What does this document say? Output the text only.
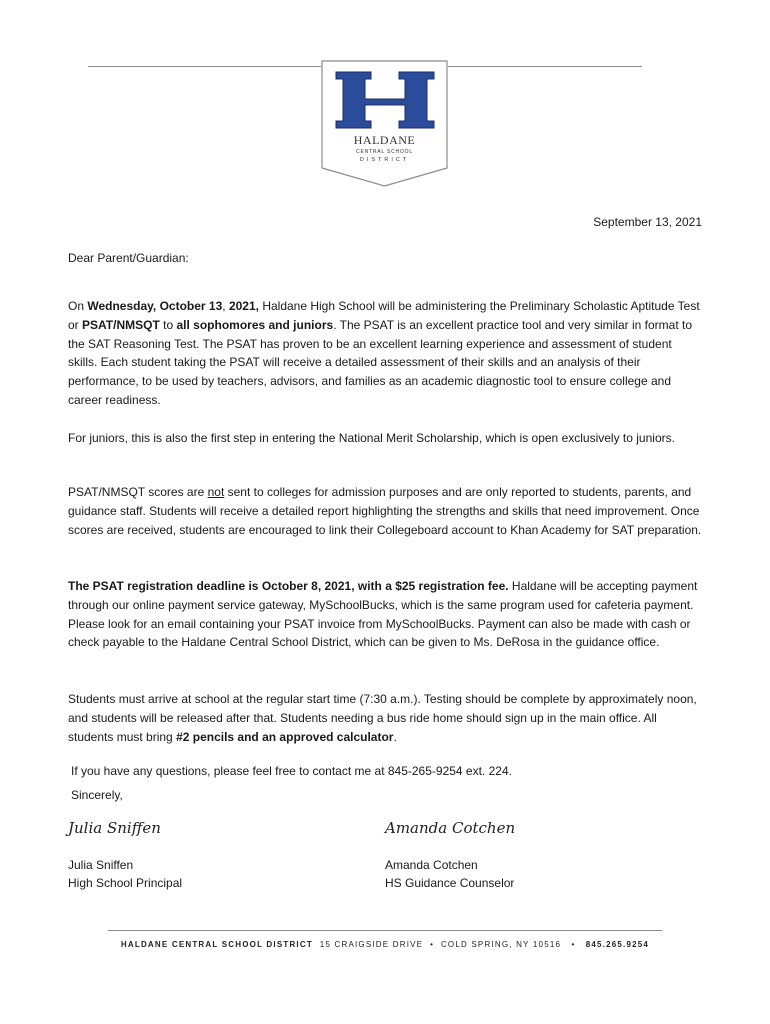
HALDANE
CENTRAL SCHOOL
DISTRICT
September 13, 2021
Dear Parent/Guardian:

On Wednesday, October 13, 2021, Haldane High School will be administering the Preliminary Scholastic Aptitude Test or PSAT/NMSQT to all sophomores and juniors. The PSAT is an excellent practice tool and very similar in format to the SAT Reasoning Test. The PSAT has proven to be an excellent learning experience and assessment of student skills. Each student taking the PSAT will receive a detailed assessment of their skills and an analysis of their performance, to be used by teachers, advisors, and families as an academic diagnostic tool to ensure college and career readiness.

For juniors, this is also the first step in entering the National Merit Scholarship, which is open exclusively to juniors.

PSAT/NMSQT scores are not sent to colleges for admission purposes and are only reported to students, parents, and guidance staff. Students will receive a detailed report highlighting the strengths and skills that need improvement. Once scores are received, students are encouraged to link their Collegeboard account to Khan Academy for SAT preparation.

The PSAT registration deadline is October 8, 2021, with a $25 registration fee. Haldane will be accepting payment through our online payment service gateway, MySchoolBucks, which is the same program used for cafeteria payment. Please look for an email containing your PSAT invoice from MySchoolBucks. Payment can also be made with cash or check payable to the Haldane Central School District, which can be given to Ms. DeRosa in the guidance office.

Students must arrive at school at the regular start time (7:30 a.m.). Testing should be complete by approximately noon, and students will be released after that. Students needing a bus ride home should sign up in the main office. All students must bring #2 pencils and an approved calculator.

If you have any questions, please feel free to contact me at 845-265-9254 ext. 224.

Sincerely,
Julia Sniffen	Amanda Cotchen
Julia Sniffen
High School Principal
Amanda Cotchen
HS Guidance Counselor
HALDANE CENTRAL SCHOOL DISTRICT 15 CRAIGSIDE DRIVE • COLD SPRING, NY 10516 • 845.265.9254
